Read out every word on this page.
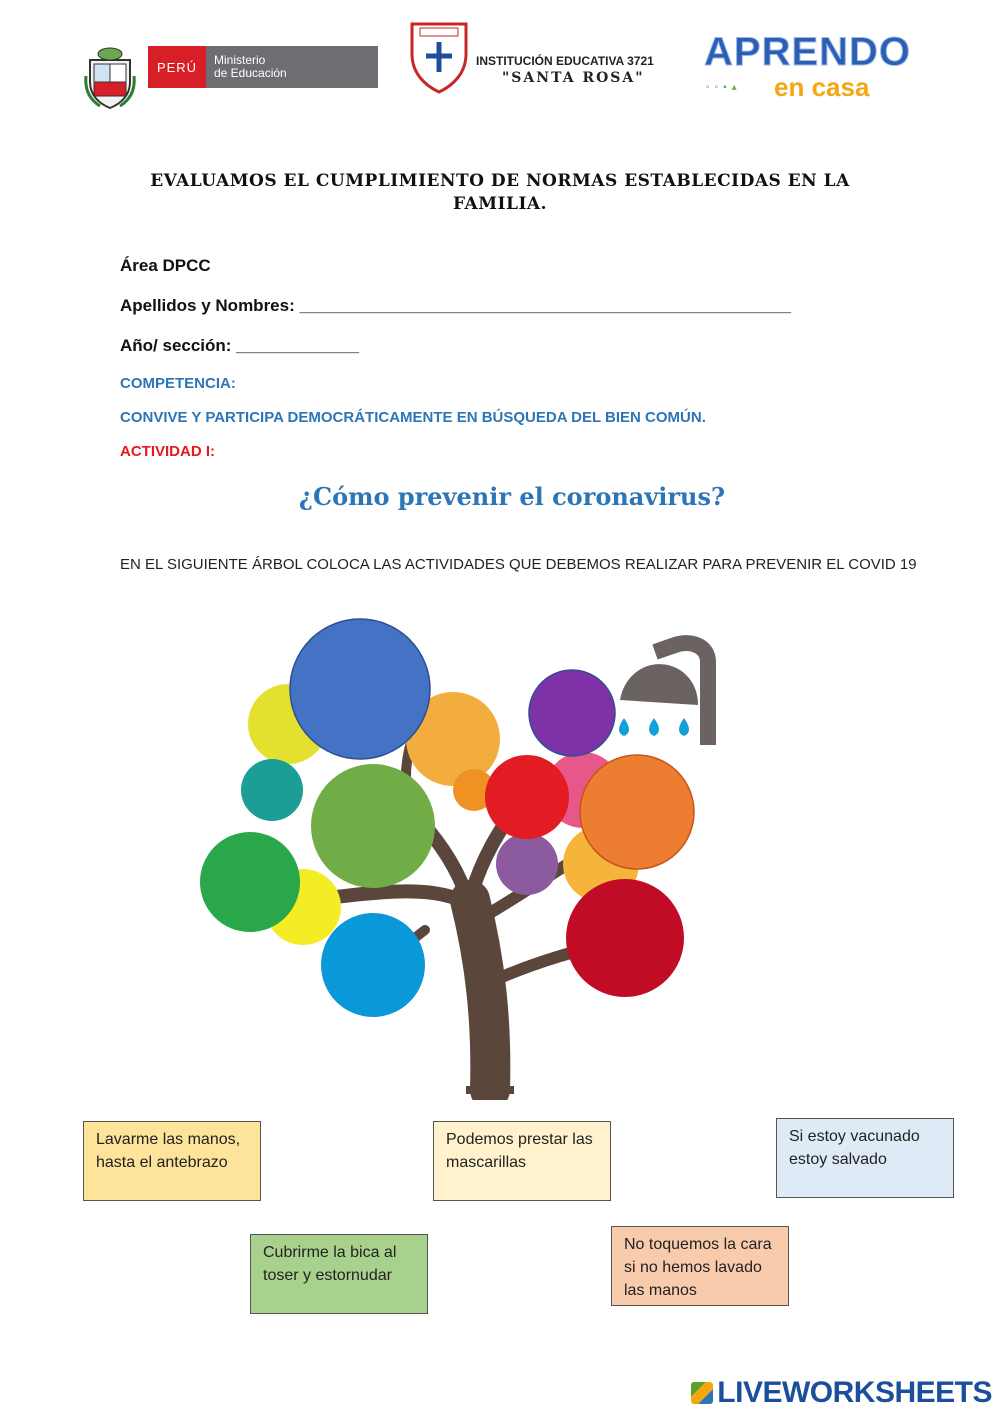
PERÚ	Ministerio
de Educación
INSTITUCIÓN EDUCATIVA 3721
"SANTA ROSA"
APRENDO
▫▫▪▴ en casa
EVALUAMOS EL CUMPLIMIENTO DE NORMAS ESTABLECIDAS EN LA FAMILIA.
Área DPCC
Apellidos y Nombres: ____________________________________________________
Año/ sección: _____________
COMPETENCIA:
CONVIVE Y PARTICIPA DEMOCRÁTICAMENTE EN BÚSQUEDA DEL BIEN COMÚN.
ACTIVIDAD I:
¿Cómo prevenir el coronavirus?
EN EL SIGUIENTE ÁRBOL COLOCA LAS ACTIVIDADES QUE DEBEMOS REALIZAR PARA PREVENIR EL COVID 19
Lavarme las manos, hasta el antebrazo
Podemos prestar las mascarillas
Si estoy vacunado estoy salvado
Cubrirme la bica al toser y estornudar
No toquemos la cara si no hemos lavado las manos
LIVEWORKSHEETS
